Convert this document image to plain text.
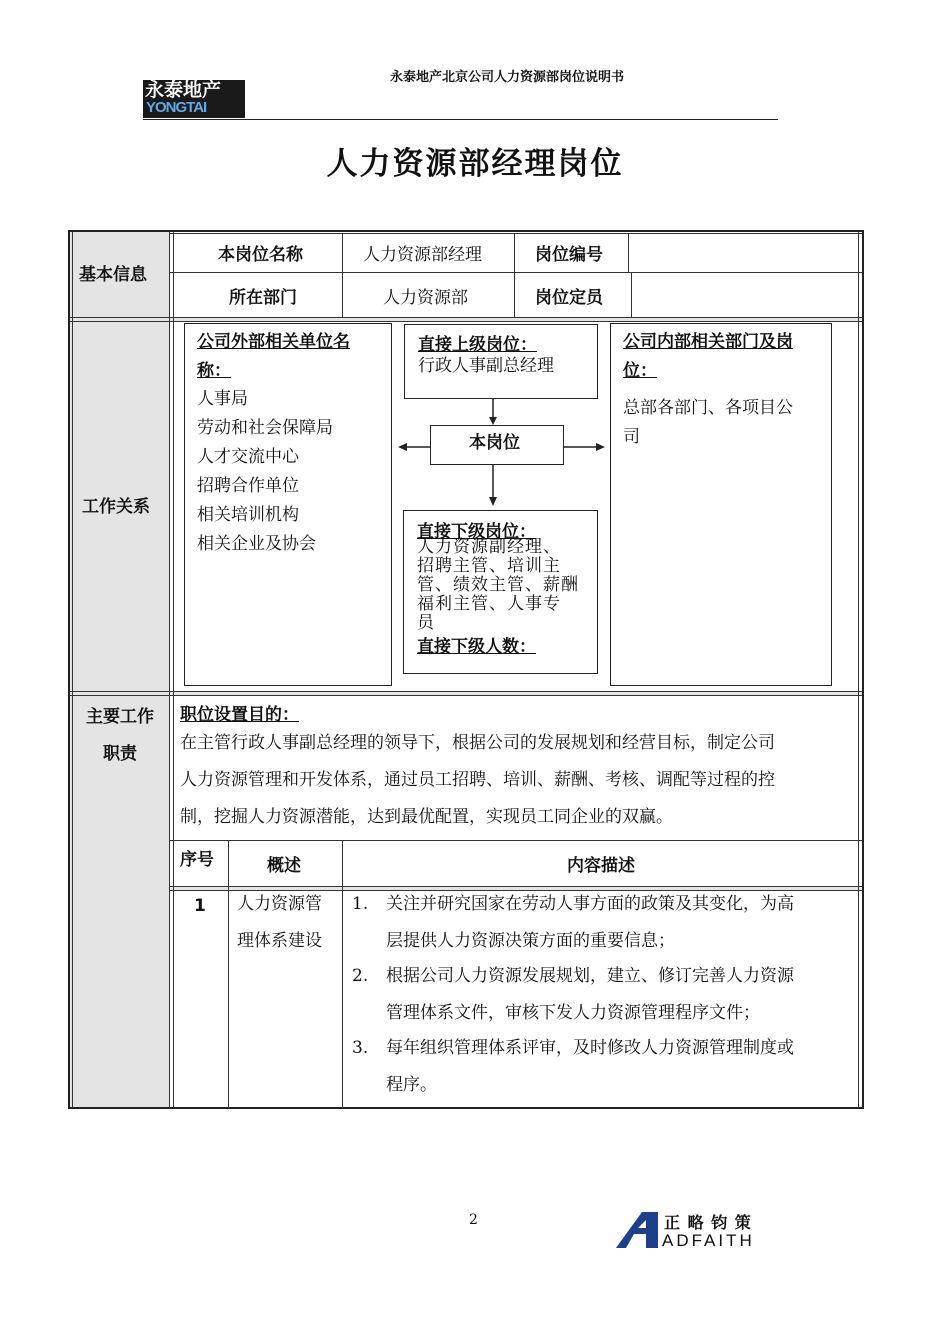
永泰地产
YONGTAI
永泰地产北京公司人力资源部岗位说明书
人力资源部经理岗位
基本信息
本岗位名称	人力资源部经理	岗位编号
所在部门	人力资源部	岗位定员
工作关系
公司外部相关单位名
称：
人事局
劳动和社会保障局
人才交流中心
招聘合作单位
相关培训机构
相关企业及协会
直接上级岗位：
行政人事副总经理
本岗位
直接下级岗位：
人力资源副经理、
招聘主管、培训主
管、绩效主管、薪酬
福利主管、人事专
员
直接下级人数：
公司内部相关部门及岗
位：
总部各部门、各项目公
司
主要工作
职责
职位设置目的：
在主管行政人事副总经理的领导下，根据公司的发展规划和经营目标，制定公司
人力资源管理和开发体系，通过员工招聘、培训、薪酬、考核、调配等过程的控
制，挖掘人力资源潜能，达到最优配置，实现员工同企业的双赢。
序号	概述	内容描述
1 人力资源管
理体系建设
1. 关注并研究国家在劳动人事方面的政策及其变化，为高
层提供人力资源决策方面的重要信息；
2. 根据公司人力资源发展规划，建立、修订完善人力资源
管理体系文件，审核下发人力资源管理程序文件；
3. 每年组织管理体系评审，及时修改人力资源管理制度或
程序。
2	正 略 钧 策
ADFAITH
